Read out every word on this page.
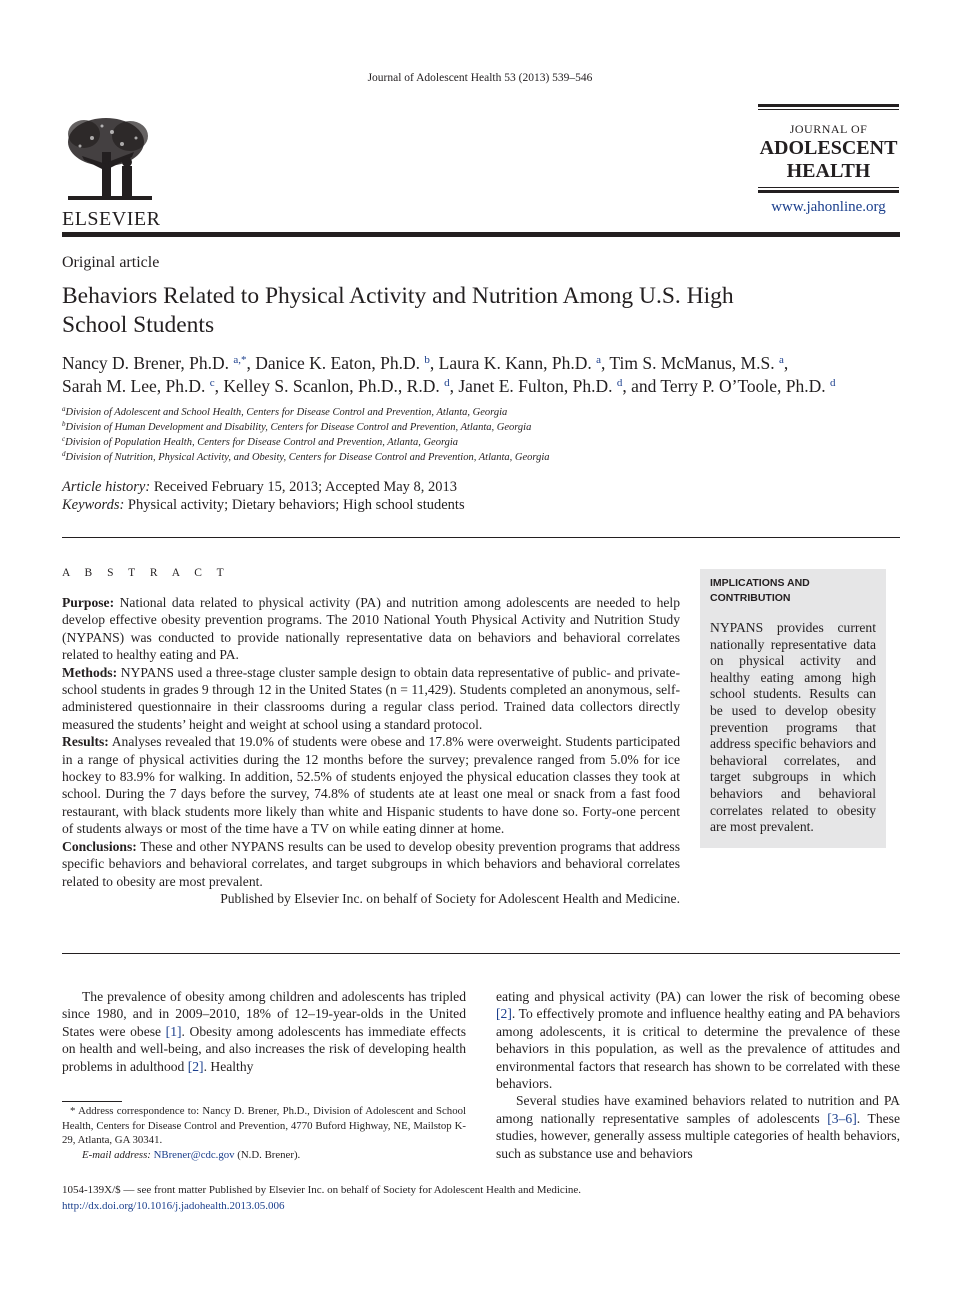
Journal of Adolescent Health 53 (2013) 539–546
ELSEVIER
JOURNAL OF
ADOLESCENT
HEALTH
www.jahonline.org
Original article
Behaviors Related to Physical Activity and Nutrition Among U.S. High
School Students
Nancy D. Brener, Ph.D. $^{a,*}$, Danice K. Eaton, Ph.D. $^b$, Laura K. Kann, Ph.D. $^a$, Tim S. McManus, M.S. $^a$,
Sarah M. Lee, Ph.D. $^c$, Kelley S. Scanlon, Ph.D., R.D. $^d$, Janet E. Fulton, Ph.D. $^d$, and Terry P. O’Toole, Ph.D. $^d$
$^a$Division of Adolescent and School Health, Centers for Disease Control and Prevention, Atlanta, Georgia
$^b$Division of Human Development and Disability, Centers for Disease Control and Prevention, Atlanta, Georgia
$^c$Division of Population Health, Centers for Disease Control and Prevention, Atlanta, Georgia
$^d$Division of Nutrition, Physical Activity, and Obesity, Centers for Disease Control and Prevention, Atlanta, Georgia
Article history: Received February 15, 2013; Accepted May 8, 2013
Keywords: Physical activity; Dietary behaviors; High school students
A B S T R A C T

Purpose: National data related to physical activity (PA) and nutrition among adolescents are needed to help develop effective obesity prevention programs. The 2010 National Youth Physical Activity and Nutrition Study (NYPANS) was conducted to provide nationally representative data on behaviors and behavioral correlates related to healthy eating and PA.

Methods: NYPANS used a three-stage cluster sample design to obtain data representative of public- and private-school students in grades 9 through 12 in the United States (n = 11,429). Students completed an anonymous, self-administered questionnaire in their classrooms during a regular class period. Trained data collectors directly measured the students’ height and weight at school using a standard protocol.

Results: Analyses revealed that 19.0% of students were obese and 17.8% were overweight. Students participated in a range of physical activities during the 12 months before the survey; prevalence ranged from 5.0% for ice hockey to 83.9% for walking. In addition, 52.5% of students enjoyed the physical education classes they took at school. During the 7 days before the survey, 74.8% of students ate at least one meal or snack from a fast food restaurant, with black students more likely than white and Hispanic students to have done so. Forty-one percent of students always or most of the time have a TV on while eating dinner at home.

Conclusions: These and other NYPANS results can be used to develop obesity prevention programs that address specific behaviors and behavioral correlates, and target subgroups in which behaviors and behavioral correlates related to obesity are most prevalent.

Published by Elsevier Inc. on behalf of Society for Adolescent Health and Medicine.

IMPLICATIONS AND CONTRIBUTION
NYPANS provides current nationally representative data on physical activity and healthy eating among high school students. Results can be used to develop obesity prevention programs that address specific behaviors and behavioral correlates, and target subgroups in which behaviors and behavioral correlates related to obesity are most prevalent.

The prevalence of obesity among children and adolescents has tripled since 1980, and in 2009–2010, 18% of 12–19-year-olds in the United States were obese [1]. Obesity among adolescents has immediate effects on health and well-being, and also increases the risk of developing health problems in adulthood [2]. Healthy

eating and physical activity (PA) can lower the risk of becoming obese [2]. To effectively promote and influence healthy eating and PA behaviors among adolescents, it is critical to determine the prevalence of these behaviors in this population, as well as the prevalence of attitudes and environmental factors that research has shown to be correlated with these behaviors.

Several studies have examined behaviors related to nutrition and PA among nationally representative samples of adolescents [3–6]. These studies, however, generally assess multiple categories of health behaviors, such as substance use and behaviors

* Address correspondence to: Nancy D. Brener, Ph.D., Division of Adolescent and School Health, Centers for Disease Control and Prevention, 4770 Buford Highway, NE, Mailstop K-29, Atlanta, GA 30341.

E-mail address: NBrener@cdc.gov (N.D. Brener).

1054-139X/$ — see front matter Published by Elsevier Inc. on behalf of Society for Adolescent Health and Medicine.
http://dx.doi.org/10.1016/j.jadohealth.2013.05.006
